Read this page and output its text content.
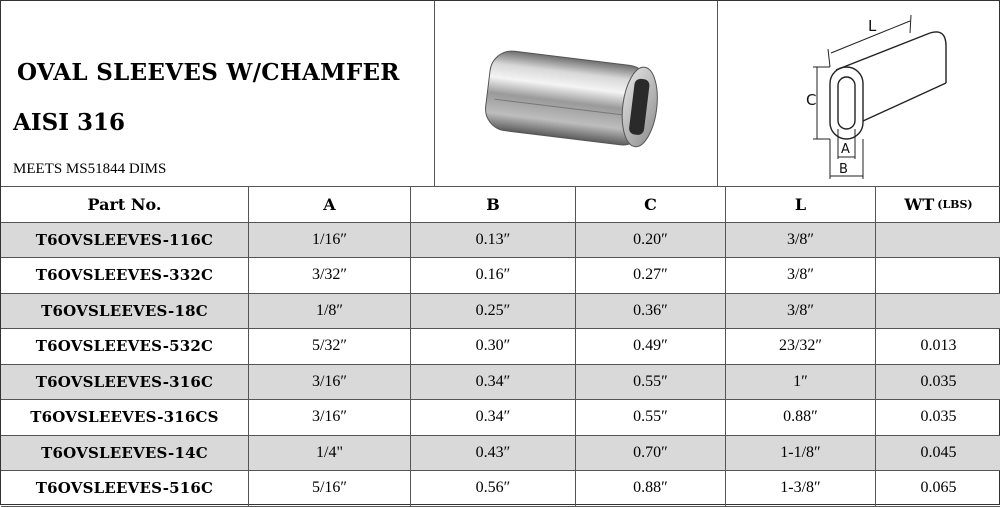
OVAL SLEEVES W/CHAMFER
AISI 316
MEETS MS51844 DIMS
L
C
A
B
Part No.	A	B	C	L	WT (LBS)
T6OVSLEEVES-116C	1/16″	0.13″	0.20″	3/8″
T6OVSLEEVES-332C	3/32″	0.16″	0.27″	3/8″
T6OVSLEEVES-18C	1/8″	0.25″	0.36″	3/8″
T6OVSLEEVES-532C	5/32″	0.30″	0.49″	23/32″	0.013
T6OVSLEEVES-316C	3/16″	0.34″	0.55″	1″	0.035
T6OVSLEEVES-316CS	3/16″	0.34″	0.55″	0.88″	0.035
T6OVSLEEVES-14C	1/4"	0.43″	0.70″	1-1/8″	0.045
T6OVSLEEVES-516C	5/16″	0.56″	0.88″	1-3/8″	0.065
